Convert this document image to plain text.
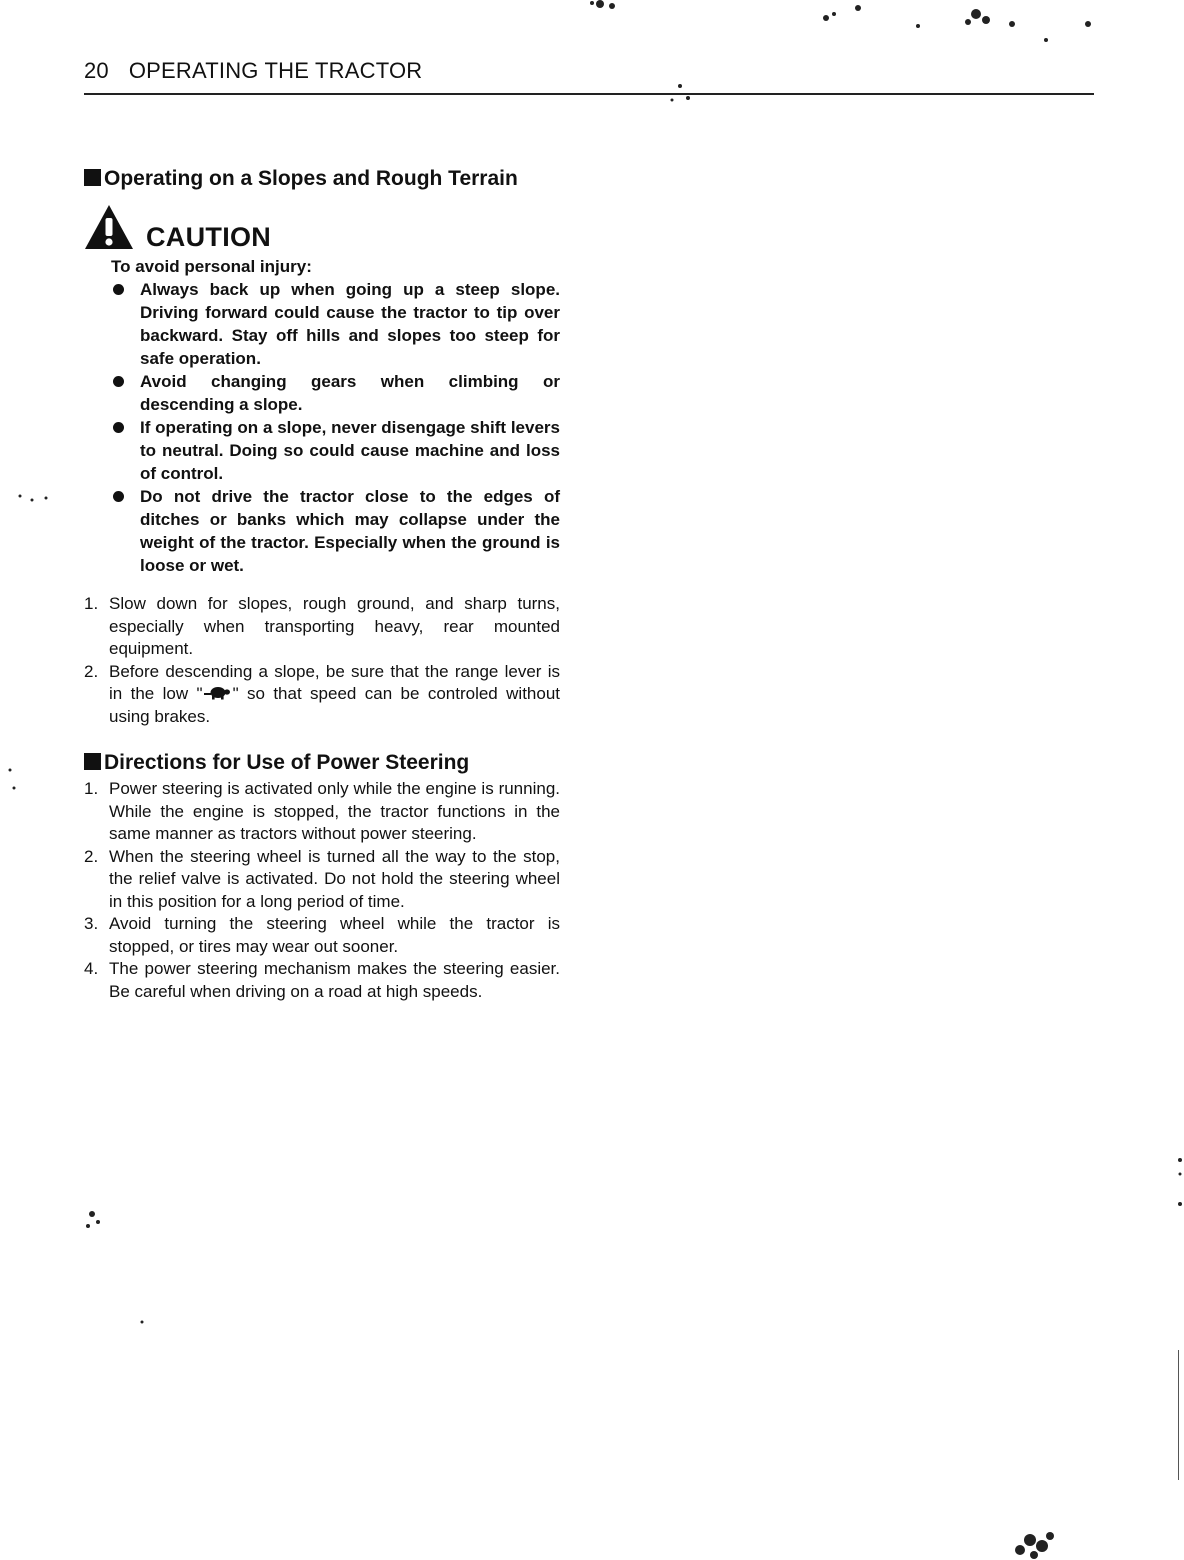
20 OPERATING THE TRACTOR
Operating on a Slopes and Rough Terrain
CAUTION

To avoid personal injury:

Always back up when going up a steep slope. Driving forward could cause the tractor to tip over backward. Stay off hills and slopes too steep for safe operation.
Avoid changing gears when climbing or descending a slope.
If operating on a slope, never disengage shift levers to neutral. Doing so could cause machine and loss of control.
Do not drive the tractor close to the edges of ditches or banks which may collapse under the weight of the tractor. Especially when the ground is loose or wet.
1. Slow down for slopes, rough ground, and sharp turns, especially when transporting heavy, rear mounted equipment.
2. Before descending a slope, be sure that the range lever is in the low " " so that speed can be controled without using brakes.
Directions for Use of Power Steering
1. Power steering is activated only while the engine is running. While the engine is stopped, the tractor functions in the same manner as tractors without power steering.
2. When the steering wheel is turned all the way to the stop, the relief valve is activated. Do not hold the steering wheel in this position for a long period of time.
3. Avoid turning the steering wheel while the tractor is stopped, or tires may wear out sooner.
4. The power steering mechanism makes the steering easier. Be careful when driving on a road at high speeds.
